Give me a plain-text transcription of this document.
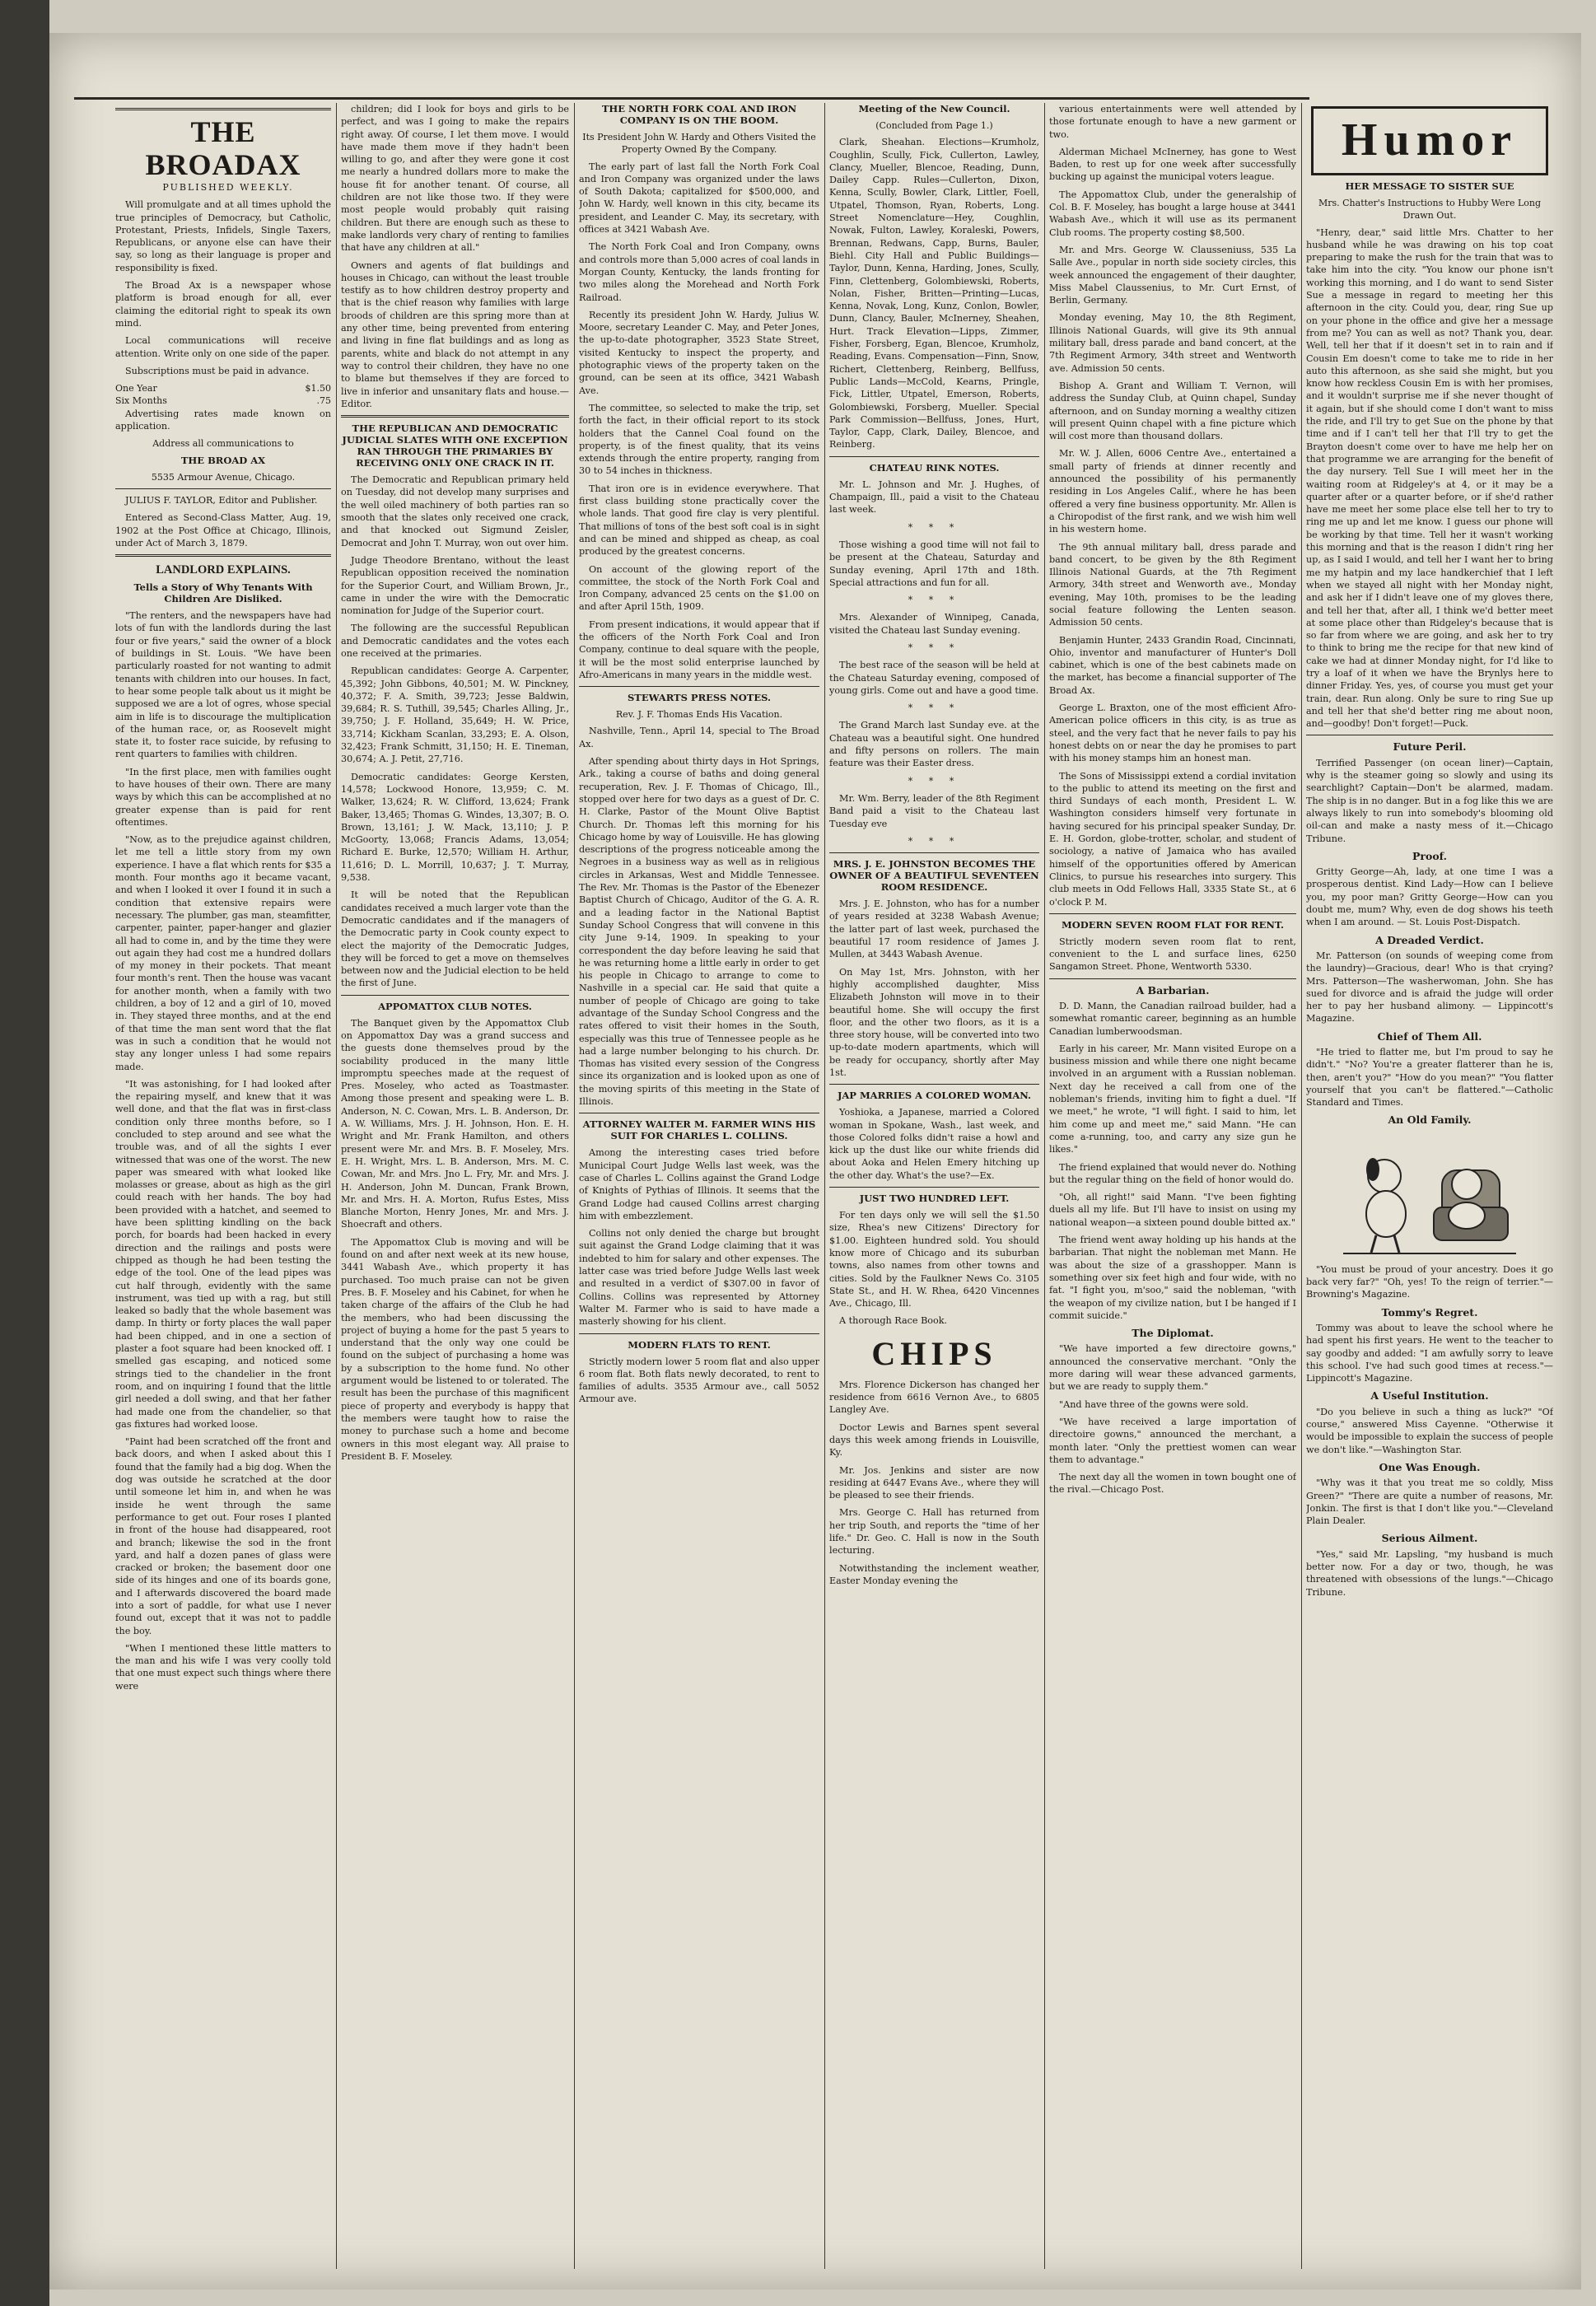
THE BROADAX

PUBLISHED WEEKLY.

Will promulgate and at all times uphold the true principles of Democracy, but Catholic, Protestant, Priests, Infidels, Single Taxers, Republicans, or anyone else can have their say, so long as their language is proper and responsibility is fixed.

The Broad Ax is a newspaper whose platform is broad enough for all, ever claiming the editorial right to speak its own mind.

Local communications will receive attention. Write only on one side of the paper.

Subscriptions must be paid in advance.

One Year	$1.50
Six Months	.75

Advertising rates made known on application.

Address all communications to

THE BROAD AX

5535 Armour Avenue, Chicago.

JULIUS F. TAYLOR, Editor and Publisher.

Entered as Second-Class Matter, Aug. 19, 1902 at the Post Office at Chicago, Illinois, under Act of March 3, 1879.

LANDLORD EXPLAINS.
Tells a Story of Why Tenants With Children Are Disliked.

"The renters, and the newspapers have had lots of fun with the landlords during the last four or five years," said the owner of a block of buildings in St. Louis. "We have been particularly roasted for not wanting to admit tenants with children into our houses. In fact, to hear some people talk about us it might be supposed we are a lot of ogres, whose special aim in life is to discourage the multiplication of the human race, or, as Roosevelt might state it, to foster race suicide, by refusing to rent quarters to families with children.

"In the first place, men with families ought to have houses of their own. There are many ways by which this can be accomplished at no greater expense than is paid for rent oftentimes.

"Now, as to the prejudice against children, let me tell a little story from my own experience. I have a flat which rents for $35 a month. Four months ago it became vacant, and when I looked it over I found it in such a condition that extensive repairs were necessary. The plumber, gas man, steamfitter, carpenter, painter, paper-hanger and glazier all had to come in, and by the time they were out again they had cost me a hundred dollars of my money in their pockets. That meant four month's rent. Then the house was vacant for another month, when a family with two children, a boy of 12 and a girl of 10, moved in. They stayed three months, and at the end of that time the man sent word that the flat was in such a condition that he would not stay any longer unless I had some repairs made.

"It was astonishing, for I had looked after the repairing myself, and knew that it was well done, and that the flat was in first-class condition only three months before, so I concluded to step around and see what the trouble was, and of all the sights I ever witnessed that was one of the worst. The new paper was smeared with what looked like molasses or grease, about as high as the girl could reach with her hands. The boy had been provided with a hatchet, and seemed to have been splitting kindling on the back porch, for boards had been hacked in every direction and the railings and posts were chipped as though he had been testing the edge of the tool. One of the lead pipes was cut half through, evidently with the same instrument, was tied up with a rag, but still leaked so badly that the whole basement was damp. In thirty or forty places the wall paper had been chipped, and in one a section of plaster a foot square had been knocked off. I smelled gas escaping, and noticed some strings tied to the chandelier in the front room, and on inquiring I found that the little girl needed a doll swing, and that her father had made one from the chandelier, so that gas fixtures had worked loose.

"Paint had been scratched off the front and back doors, and when I asked about this I found that the family had a big dog. When the dog was outside he scratched at the door until someone let him in, and when he was inside he went through the same performance to get out. Four roses I planted in front of the house had disappeared, root and branch; likewise the sod in the front yard, and half a dozen panes of glass were cracked or broken; the basement door one side of its hinges and one of its boards gone, and I afterwards discovered the board made into a sort of paddle, for what use I never found out, except that it was not to paddle the boy.

"When I mentioned these little matters to the man and his wife I was very coolly told that one must expect such things where there were

children; did I look for boys and girls to be perfect, and was I going to make the repairs right away. Of course, I let them move. I would have made them move if they hadn't been willing to go, and after they were gone it cost me nearly a hundred dollars more to make the house fit for another tenant. Of course, all children are not like those two. If they were most people would probably quit raising children. But there are enough such as these to make landlords very chary of renting to families that have any children at all."

Owners and agents of flat buildings and houses in Chicago, can without the least trouble testify as to how children destroy property and that is the chief reason why families with large broods of children are this spring more than at any other time, being prevented from entering and living in fine flat buildings and as long as parents, white and black do not attempt in any way to control their children, they have no one to blame but themselves if they are forced to live in inferior and unsanitary flats and house.—Editor.

THE REPUBLICAN AND DEMOCRATIC JUDICIAL SLATES WITH ONE EXCEPTION RAN THROUGH THE PRIMARIES BY RECEIVING ONLY ONE CRACK IN IT.

The Democratic and Republican primary held on Tuesday, did not develop many surprises and the well oiled machinery of both parties ran so smooth that the slates only received one crack, and that knocked out Sigmund Zeisler, Democrat and John T. Murray, won out over him.

Judge Theodore Brentano, without the least Republican opposition received the nomination for the Superior Court, and William Brown, Jr., came in under the wire with the Democratic nomination for Judge of the Superior court.

The following are the successful Republican and Democratic candidates and the votes each one received at the primaries.

Republican candidates: George A. Carpenter, 45,392; John Gibbons, 40,501; M. W. Pinckney, 40,372; F. A. Smith, 39,723; Jesse Baldwin, 39,684; R. S. Tuthill, 39,545; Charles Alling, Jr., 39,750; J. F. Holland, 35,649; H. W. Price, 33,714; Kickham Scanlan, 33,293; E. A. Olson, 32,423; Frank Schmitt, 31,150; H. E. Tineman, 30,674; A. J. Petit, 27,716.

Democratic candidates: George Kersten, 14,578; Lockwood Honore, 13,959; C. M. Walker, 13,624; R. W. Clifford, 13,624; Frank Baker, 13,465; Thomas G. Windes, 13,307; B. O. Brown, 13,161; J. W. Mack, 13,110; J. P. McGoorty, 13,068; Francis Adams, 13,054; Richard E. Burke, 12,570; William H. Arthur, 11,616; D. L. Morrill, 10,637; J. T. Murray, 9,538.

It will be noted that the Republican candidates received a much larger vote than the Democratic candidates and if the managers of the Democratic party in Cook county expect to elect the majority of the Democratic Judges, they will be forced to get a move on themselves between now and the Judicial election to be held the first of June.

APPOMATTOX CLUB NOTES.

The Banquet given by the Appomattox Club on Appomattox Day was a grand success and the guests done themselves proud by the sociability produced in the many little impromptu speeches made at the request of Pres. Moseley, who acted as Toastmaster. Among those present and speaking were L. B. Anderson, N. C. Cowan, Mrs. L. B. Anderson, Dr. A. W. Williams, Mrs. J. H. Johnson, Hon. E. H. Wright and Mr. Frank Hamilton, and others present were Mr. and Mrs. B. F. Moseley, Mrs. E. H. Wright, Mrs. L. B. Anderson, Mrs. M. C. Cowan, Mr. and Mrs. Jno L. Fry, Mr. and Mrs. J. H. Anderson, John M. Duncan, Frank Brown, Mr. and Mrs. H. A. Morton, Rufus Estes, Miss Blanche Morton, Henry Jones, Mr. and Mrs. J. Shoecraft and others.

The Appomattox Club is moving and will be found on and after next week at its new house, 3441 Wabash Ave., which property it has purchased. Too much praise can not be given Pres. B. F. Moseley and his Cabinet, for when he taken charge of the affairs of the Club he had the members, who had been discussing the project of buying a home for the past 5 years to understand that the only way one could be found on the subject of purchasing a home was by a subscription to the home fund. No other argument would be listened to or tolerated. The result has been the purchase of this magnificent piece of property and everybody is happy that the members were taught how to raise the money to purchase such a home and become owners in this most elegant way. All praise to President B. F. Moseley.

THE NORTH FORK COAL AND IRON COMPANY IS ON THE BOOM.

Its President John W. Hardy and Others Visited the Property Owned By the Company.

The early part of last fall the North Fork Coal and Iron Company was organized under the laws of South Dakota; capitalized for $500,000, and John W. Hardy, well known in this city, became its president, and Leander C. May, its secretary, with offices at 3421 Wabash Ave.

The North Fork Coal and Iron Company, owns and controls more than 5,000 acres of coal lands in Morgan County, Kentucky, the lands fronting for two miles along the Morehead and North Fork Railroad.

Recently its president John W. Hardy, Julius W. Moore, secretary Leander C. May, and Peter Jones, the up-to-date photographer, 3523 State Street, visited Kentucky to inspect the property, and photographic views of the property taken on the ground, can be seen at its office, 3421 Wabash Ave.

The committee, so selected to make the trip, set forth the fact, in their official report to its stock holders that the Cannel Coal found on the property, is of the finest quality, that its veins extends through the entire property, ranging from 30 to 54 inches in thickness.

That iron ore is in evidence everywhere. That first class building stone practically cover the whole lands. That good fire clay is very plentiful. That millions of tons of the best soft coal is in sight and can be mined and shipped as cheap, as coal produced by the greatest concerns.

On account of the glowing report of the committee, the stock of the North Fork Coal and Iron Company, advanced 25 cents on the $1.00 on and after April 15th, 1909.

From present indications, it would appear that if the officers of the North Fork Coal and Iron Company, continue to deal square with the people, it will be the most solid enterprise launched by Afro-Americans in many years in the middle west.

STEWARTS PRESS NOTES.

Rev. J. F. Thomas Ends His Vacation.

Nashville, Tenn., April 14, special to The Broad Ax.

After spending about thirty days in Hot Springs, Ark., taking a course of baths and doing general recuperation, Rev. J. F. Thomas of Chicago, Ill., stopped over here for two days as a guest of Dr. C. H. Clarke, Pastor of the Mount Olive Baptist Church. Dr. Thomas left this morning for his Chicago home by way of Louisville. He has glowing descriptions of the progress noticeable among the Negroes in a business way as well as in religious circles in Arkansas, West and Middle Tennessee. The Rev. Mr. Thomas is the Pastor of the Ebenezer Baptist Church of Chicago, Auditor of the G. A. R. and a leading factor in the National Baptist Sunday School Congress that will convene in this city June 9-14, 1909. In speaking to your correspondent the day before leaving he said that he was returning home a little early in order to get his people in Chicago to arrange to come to Nashville in a special car. He said that quite a number of people of Chicago are going to take advantage of the Sunday School Congress and the rates offered to visit their homes in the South, especially was this true of Tennessee people as he had a large number belonging to his church. Dr. Thomas has visited every session of the Congress since its organization and is looked upon as one of the moving spirits of this meeting in the State of Illinois.

ATTORNEY WALTER M. FARMER WINS HIS SUIT FOR CHARLES L. COLLINS.

Among the interesting cases tried before Municipal Court Judge Wells last week, was the case of Charles L. Collins against the Grand Lodge of Knights of Pythias of Illinois. It seems that the Grand Lodge had caused Collins arrest charging him with embezzlement.

Collins not only denied the charge but brought suit against the Grand Lodge claiming that it was indebted to him for salary and other expenses. The latter case was tried before Judge Wells last week and resulted in a verdict of $307.00 in favor of Collins. Collins was represented by Attorney Walter M. Farmer who is said to have made a masterly showing for his client.

MODERN FLATS TO RENT.

Strictly modern lower 5 room flat and also upper 6 room flat. Both flats newly decorated, to rent to families of adults. 3535 Armour ave., call 5052 Armour ave.

Meeting of the New Council.

(Concluded from Page 1.)

Clark, Sheahan. Elections—Krumholz, Coughlin, Scully, Fick, Cullerton, Lawley, Clancy, Mueller, Blencoe, Reading, Dunn, Dailey Capp. Rules—Cullerton, Dixon, Kenna, Scully, Bowler, Clark, Littler, Foell, Utpatel, Thomson, Ryan, Roberts, Long. Street Nomenclature—Hey, Coughlin, Nowak, Fulton, Lawley, Koraleski, Powers, Brennan, Redwans, Capp, Burns, Bauler, Biehl. City Hall and Public Buildings—Taylor, Dunn, Kenna, Harding, Jones, Scully, Finn, Clettenberg, Golombiewski, Roberts, Nolan, Fisher, Britten—Printing—Lucas, Kenna, Novak, Long, Kunz, Conlon, Bowler, Dunn, Clancy, Bauler, McInerney, Sheahen, Hurt. Track Elevation—Lipps, Zimmer, Fisher, Forsberg, Egan, Blencoe, Krumholz, Reading, Evans. Compensation—Finn, Snow, Richert, Clettenberg, Reinberg, Bellfuss, Public Lands—McCold, Kearns, Pringle, Fick, Littler, Utpatel, Emerson, Roberts, Golombiewski, Forsberg, Mueller. Special Park Commission—Bellfuss, Jones, Hurt, Taylor, Capp, Clark, Dailey, Blencoe, and Reinberg.

CHATEAU RINK NOTES.

Mr. L. Johnson and Mr. J. Hughes, of Champaign, Ill., paid a visit to the Chateau last week.

* * *

Those wishing a good time will not fail to be present at the Chateau, Saturday and Sunday evening, April 17th and 18th. Special attractions and fun for all.

* * *

Mrs. Alexander of Winnipeg, Canada, visited the Chateau last Sunday evening.

* * *

The best race of the season will be held at the Chateau Saturday evening, composed of young girls. Come out and have a good time.

* * *

The Grand March last Sunday eve. at the Chateau was a beautiful sight. One hundred and fifty persons on rollers. The main feature was their Easter dress.

* * *

Mr. Wm. Berry, leader of the 8th Regiment Band paid a visit to the Chateau last Tuesday eve

* * *
MRS. J. E. JOHNSTON BECOMES THE OWNER OF A BEAUTIFUL SEVENTEEN ROOM RESIDENCE.

Mrs. J. E. Johnston, who has for a number of years resided at 3238 Wabash Avenue; the latter part of last week, purchased the beautiful 17 room residence of James J. Mullen, at 3443 Wabash Avenue.

On May 1st, Mrs. Johnston, with her highly accomplished daughter, Miss Elizabeth Johnston will move in to their beautiful home. She will occupy the first floor, and the other two floors, as it is a three story house, will be converted into two up-to-date modern apartments, which will be ready for occupancy, shortly after May 1st.

JAP MARRIES A COLORED WOMAN.

Yoshioka, a Japanese, married a Colored woman in Spokane, Wash., last week, and those Colored folks didn't raise a howl and kick up the dust like our white friends did about Aoka and Helen Emery hitching up the other day. What's the use?—Ex.

JUST TWO HUNDRED LEFT.

For ten days only we will sell the $1.50 size, Rhea's new Citizens' Directory for $1.00. Eighteen hundred sold. You should know more of Chicago and its suburban towns, also names from other towns and cities. Sold by the Faulkner News Co. 3105 State St., and H. W. Rhea, 6420 Vincennes Ave., Chicago, Ill.

A thorough Race Book.

CHIPS

Mrs. Florence Dickerson has changed her residence from 6616 Vernon Ave., to 6805 Langley Ave.

Doctor Lewis and Barnes spent several days this week among friends in Louisville, Ky.

Mr. Jos. Jenkins and sister are now residing at 6447 Evans Ave., where they will be pleased to see their friends.

Mrs. George C. Hall has returned from her trip South, and reports the "time of her life." Dr. Geo. C. Hall is now in the South lecturing.

Notwithstanding the inclement weather, Easter Monday evening the

various entertainments were well attended by those fortunate enough to have a new garment or two.

Alderman Michael McInerney, has gone to West Baden, to rest up for one week after successfully bucking up against the municipal voters league.

The Appomattox Club, under the generalship of Col. B. F. Moseley, has bought a large house at 3441 Wabash Ave., which it will use as its permanent Club rooms. The property costing $8,500.

Mr. and Mrs. George W. Clausseniuss, 535 La Salle Ave., popular in north side society circles, this week announced the engagement of their daughter, Miss Mabel Claussenius, to Mr. Curt Ernst, of Berlin, Germany.

Monday evening, May 10, the 8th Regiment, Illinois National Guards, will give its 9th annual military ball, dress parade and band concert, at the 7th Regiment Armory, 34th street and Wentworth ave. Admission 50 cents.

Bishop A. Grant and William T. Vernon, will address the Sunday Club, at Quinn chapel, Sunday afternoon, and on Sunday morning a wealthy citizen will present Quinn chapel with a fine picture which will cost more than thousand dollars.

Mr. W. J. Allen, 6006 Centre Ave., entertained a small party of friends at dinner recently and announced the possibility of his permanently residing in Los Angeles Calif., where he has been offered a very fine business opportunity. Mr. Allen is a Chiropodist of the first rank, and we wish him well in his western home.

The 9th annual military ball, dress parade and band concert, to be given by the 8th Regiment Illinois National Guards, at the 7th Regiment Armory, 34th street and Wenworth ave., Monday evening, May 10th, promises to be the leading social feature following the Lenten season. Admission 50 cents.

Benjamin Hunter, 2433 Grandin Road, Cincinnati, Ohio, inventor and manufacturer of Hunter's Doll cabinet, which is one of the best cabinets made on the market, has become a financial supporter of The Broad Ax.

George L. Braxton, one of the most efficient Afro-American police officers in this city, is as true as steel, and the very fact that he never fails to pay his honest debts on or near the day he promises to part with his money stamps him an honest man.

The Sons of Mississippi extend a cordial invitation to the public to attend its meeting on the first and third Sundays of each month, President L. W. Washington considers himself very fortunate in having secured for his principal speaker Sunday, Dr. E. H. Gordon, globe-trotter, scholar, and student of sociology, a native of Jamaica who has availed himself of the opportunities offered by American Clinics, to pursue his researches into surgery. This club meets in Odd Fellows Hall, 3335 State St., at 6 o'clock P. M.

MODERN SEVEN ROOM FLAT FOR RENT.

Strictly modern seven room flat to rent, convenient to the L and surface lines, 6250 Sangamon Street. Phone, Wentworth 5330.

A Barbarian.

D. D. Mann, the Canadian railroad builder, had a somewhat romantic career, beginning as an humble Canadian lumberwoodsman.

Early in his career, Mr. Mann visited Europe on a business mission and while there one night became involved in an argument with a Russian nobleman. Next day he received a call from one of the nobleman's friends, inviting him to fight a duel. "If we meet," he wrote, "I will fight. I said to him, let him come up and meet me," said Mann. "He can come a-running, too, and carry any size gun he likes."

The friend explained that would never do. Nothing but the regular thing on the field of honor would do.

"Oh, all right!" said Mann. "I've been fighting duels all my life. But I'll have to insist on using my national weapon—a sixteen pound double bitted ax."

The friend went away holding up his hands at the barbarian. That night the nobleman met Mann. He was about the size of a grasshopper. Mann is something over six feet high and four wide, with no fat. "I fight you, m'soo," said the nobleman, "with the weapon of my civilize nation, but I be hanged if I commit suicide."

The Diplomat.

"We have imported a few directoire gowns," announced the conservative merchant. "Only the more daring will wear these advanced garments, but we are ready to supply them."

"And have three of the gowns were sold.

"We have received a large importation of directoire gowns," announced the merchant, a month later. "Only the prettiest women can wear them to advantage."

The next day all the women in town bought one of the rival.—Chicago Post.

Humor
HER MESSAGE TO SISTER SUE

Mrs. Chatter's Instructions to Hubby Were Long Drawn Out.

"Henry, dear," said little Mrs. Chatter to her husband while he was drawing on his top coat preparing to make the rush for the train that was to take him into the city. "You know our phone isn't working this morning, and I do want to send Sister Sue a message in regard to meeting her this afternoon in the city. Could you, dear, ring Sue up on your phone in the office and give her a message from me? You can as well as not? Thank you, dear. Well, tell her that if it doesn't set in to rain and if Cousin Em doesn't come to take me to ride in her auto this afternoon, as she said she might, but you know how reckless Cousin Em is with her promises, and it wouldn't surprise me if she never thought of it again, but if she should come I don't want to miss the ride, and I'll try to get Sue on the phone by that time and if I can't tell her that I'll try to get the Brayton doesn't come over to have me help her on that programme we are arranging for the benefit of the day nursery. Tell Sue I will meet her in the waiting room at Ridgeley's at 4, or it may be a quarter after or a quarter before, or if she'd rather have me meet her some place else tell her to try to ring me up and let me know. I guess our phone will be working by that time. Tell her it wasn't working this morning and that is the reason I didn't ring her up, as I said I would, and tell her I want her to bring me my hatpin and my lace handkerchief that I left when we stayed all night with her Monday night, and ask her if I didn't leave one of my gloves there, and tell her that, after all, I think we'd better meet at some place other than Ridgeley's because that is so far from where we are going, and ask her to try to think to bring me the recipe for that new kind of cake we had at dinner Monday night, for I'd like to try a loaf of it when we have the Brynlys here to dinner Friday. Yes, yes, of course you must get your train, dear. Run along. Only be sure to ring Sue up and tell her that she'd better ring me about noon, and—goodby! Don't forget!—Puck.

Future Peril.

Terrified Passenger (on ocean liner)—Captain, why is the steamer going so slowly and using its searchlight? Captain—Don't be alarmed, madam. The ship is in no danger. But in a fog like this we are always likely to run into somebody's blooming old oil-can and make a nasty mess of it.—Chicago Tribune.

Proof.

Gritty George—Ah, lady, at one time I was a prosperous dentist. Kind Lady—How can I believe you, my poor man? Gritty George—How can you doubt me, mum? Why, even de dog shows his teeth when I am around. — St. Louis Post-Dispatch.

A Dreaded Verdict.

Mr. Patterson (on sounds of weeping come from the laundry)—Gracious, dear! Who is that crying? Mrs. Patterson—The washerwoman, John. She has sued for divorce and is afraid the judge will order her to pay her husband alimony. — Lippincott's Magazine.

Chief of Them All.

"He tried to flatter me, but I'm proud to say he didn't." "No? You're a greater flatterer than he is, then, aren't you?" "How do you mean?" "You flatter yourself that you can't be flattered."—Catholic Standard and Times.

An Old Family.

"You must be proud of your ancestry. Does it go back very far?" "Oh, yes! To the reign of terrier."—Browning's Magazine.

Tommy's Regret.

Tommy was about to leave the school where he had spent his first years. He went to the teacher to say goodby and added: "I am awfully sorry to leave this school. I've had such good times at recess."—Lippincott's Magazine.

A Useful Institution.

"Do you believe in such a thing as luck?" "Of course," answered Miss Cayenne. "Otherwise it would be impossible to explain the success of people we don't like."—Washington Star.

One Was Enough.

"Why was it that you treat me so coldly, Miss Green?" "There are quite a number of reasons, Mr. Jonkin. The first is that I don't like you."—Cleveland Plain Dealer.

Serious Ailment.

"Yes," said Mr. Lapsling, "my husband is much better now. For a day or two, though, he was threatened with obsessions of the lungs."—Chicago Tribune.
